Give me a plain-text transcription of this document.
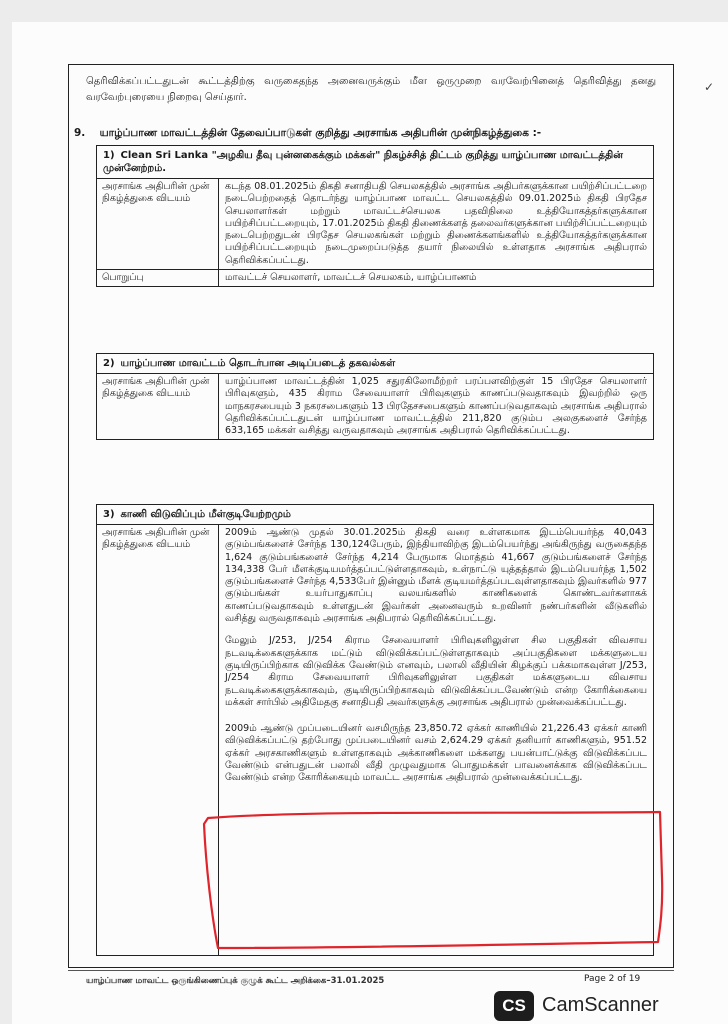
✓
தெரிவிக்கப்பட்டதுடன் கூட்டத்திற்கு வருகைதந்த அனைவருக்கும் மீள ஒருமுறை வரவேற்பினைத் தெரிவித்து தனது வரவேற்புரையை நிறைவு செய்தார்.
9. யாழ்ப்பாண மாவட்டத்தின் தேவைப்பாடுகள் குறித்து அரசாங்க அதிபரின் முன்நிகழ்த்துகை :-
1) Clean Sri Lanka "அழகிய தீவு புன்னகைக்கும் மக்கள்" நிகழ்ச்சித் திட்டம் குறித்து யாழ்ப்பாண மாவட்டத்தின் முன்னேற்றம்.
அரசாங்க அதிபரின் முன் நிகழ்த்துகை விடயம்
கடந்த 08.01.2025ம் திகதி சனாதிபதி செயலகத்தில் அரசாங்க அதிபர்களுக்கான பயிற்சிப்பட்டறை நடைபெற்றதைத் தொடர்ந்து யாழ்ப்பாண மாவட்ட செயலகத்தில் 09.01.2025ம் திகதி பிரதேச செயலாளர்கள் மற்றும் மாவட்டச்செயலக பதவிநிலை உத்தியோகத்தர்களுக்கான பயிற்சிப்பட்டறையும், 17.01.2025ம் திகதி திணைக்களத் தலைவர்களுக்கான பயிற்சிப்பட்டறையும் நடைபெற்றதுடன் பிரதேச செயலகங்கள் மற்றும் திணைக்களங்களில் உத்தியோகத்தர்களுக்கான பயிற்சிப்பட்டறையும் நடைமுறைப்படுத்த தயார் நிலையில் உள்ளதாக அரசாங்க அதிபரால் தெரிவிக்கப்பட்டது.
பொறுப்பு	மாவட்டச் செயலாளர், மாவட்டச் செயலகம், யாழ்ப்பாணம்
2) யாழ்ப்பாண மாவட்டம் தொடர்பான அடிப்படைத் தகவல்கள்
அரசாங்க அதிபரின் முன் நிகழ்த்துகை விடயம்
யாழ்ப்பாண மாவட்டத்தின் 1,025 சதுரகிலோமீற்றர் பரப்பளவிற்குள் 15 பிரதேச செயலாளர் பிரிவுகளும், 435 கிராம சேவையாளர் பிரிவுகளும் காணப்படுவதாகவும் இவற்றில் ஒரு மாநகரசபையும் 3 நகரசபைகளும் 13 பிரதேசசபைகளும் காணப்படுவதாகவும் அரசாங்க அதிபரால் தெரிவிக்கப்பட்டதுடன் யாழ்ப்பாண மாவட்டத்தில் 211,820 குடும்ப அலகுகளைச் சேர்ந்த 633,165 மக்கள் வசித்து வருவதாகவும் அரசாங்க அதிபரால் தெரிவிக்கப்பட்டது.
3) காணி விடுவிப்பும் மீள்குடியேற்றமும்
அரசாங்க அதிபரின் முன் நிகழ்த்துகை விடயம்

2009ம் ஆண்டு முதல் 30.01.2025ம் திகதி வரை உள்ளகமாக இடம்பெயர்ந்த 40,043 குடும்பங்களைச் சேர்ந்த 130,124பேரும், இந்தியாவிற்கு இடம்பெயர்ந்து அங்கிருந்து வருகைதந்த 1,624 குடும்பங்களைச் சேர்ந்த 4,214 பேருமாக மொத்தம் 41,667 குடும்பங்களைச் சேர்ந்த 134,338 பேர் மீளக்குடியமர்த்தப்பட்டுள்ளதாகவும், உள்நாட்டு யுத்தத்தால் இடம்பெயர்ந்த 1,502 குடும்பங்களைச் சேர்ந்த 4,533பேர் இன்னும் மீளக் குடியமர்த்தப்படவுள்ளதாகவும் இவர்களில் 977 குடும்பங்கள் உயர்பாதுகாப்பு வலயங்களில் காணிகளைக் கொண்டவர்களாகக் காணப்படுவதாகவும் உள்ளதுடன் இவர்கள் அனைவரும் உறவினர் நண்பர்களின் வீடுகளில் வசித்து வருவதாகவும் அரசாங்க அதிபரால் தெரிவிக்கப்பட்டது.

மேலும் J/253, J/254 கிராம சேவையாளர் பிரிவுகளிலுள்ள சில பகுதிகள் விவசாய நடவடிக்கைகளுக்காக மட்டும் விடுவிக்கப்பட்டுள்ளதாகவும் அப்பகுதிகளை மக்களுடைய குடியிருப்பிற்காக விடுவிக்க வேண்டும் எனவும், பலாலி வீதியின் கிழக்குப் பக்கமாகவுள்ள J/253, J/254 கிராம சேவையாளர் பிரிவுகளிலுள்ள பகுதிகள் மக்களுடைய விவசாய நடவடிக்கைகளுக்காகவும், குடியிருப்பிற்காகவும் விடுவிக்கப்படவேண்டும் என்ற கோரிக்கையை மக்கள் சார்பில் அதிமேதகு சனாதிபதி அவர்களுக்கு அரசாங்க அதிபரால் முன்வைக்கப்பட்டது.

2009ம் ஆண்டு முப்படையினர் வசமிருந்த 23,850.72 ஏக்கர் காணியில் 21,226.43 ஏக்கர் காணி விடுவிக்கப்பட்டு தற்போது முப்படையினர் வசம் 2,624.29 ஏக்கர் தனியார் காணிகளும், 951.52 ஏக்கர் அரசகாணிகளும் உள்ளதாகவும் அக்காணிகளை மக்களது பயன்பாட்டுக்கு விடுவிக்கப்பட வேண்டும் என்பதுடன் பலாலி வீதி முழுவதுமாக பொதுமக்கள் பாவனைக்காக விடுவிக்கப்பட வேண்டும் என்ற கோரிக்கையும் மாவட்ட அரசாங்க அதிபரால் முன்வைக்கப்பட்டது.

யாழ்ப்பாண மாவட்ட ஒருங்கிணைப்புக் குழுக் கூட்ட அறிக்கை–31.01.2025	Page 2 of 19
CS CamScanner
